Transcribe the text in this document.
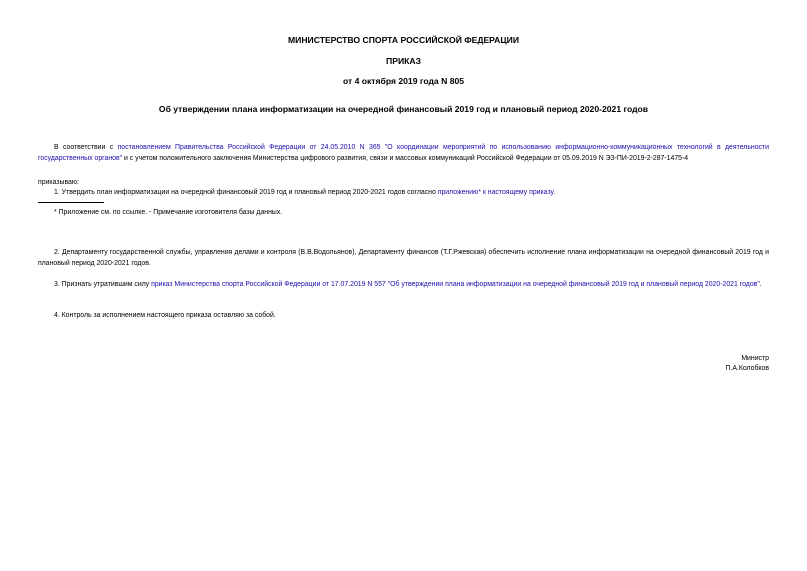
МИНИСТЕРСТВО СПОРТА РОССИЙСКОЙ ФЕДЕРАЦИИ
ПРИКАЗ
от 4 октября 2019 года N 805
Об утверждении плана информатизации на очередной финансовый 2019 год и плановый период 2020-2021 годов
В соответствии с постановлением Правительства Российской Федерации от 24.05.2010 N 365 "О координации мероприятий по использованию информационно-коммуникационных технологий в деятельности государственных органов" и с учетом положительного заключения Министерства цифрового развития, связи и массовых коммуникаций Российской Федерации от 05.09.2019 N ЭЗ-ПИ-2019-2-287-1475-4
приказываю:
1. Утвердить план информатизации на очередной финансовый 2019 год и плановый период 2020-2021 годов согласно приложению* к настоящему приказу.
* Приложение см. по ссылке. - Примечание изготовителя базы данных.
2. Департаменту государственной службы, управления делами и контроля (В.В.Водольянов), Департаменту финансов (Т.Г.Ржевская) обеспечить исполнение плана информатизации на очередной финансовый 2019 год и плановый период 2020-2021 годов.
3. Признать утратившим силу приказ Министерства спорта Российской Федерации от 17.07.2019 N 557 "Об утверждении плана информатизации на очередной финансовый 2019 год и плановый период 2020-2021 годов".
4. Контроль за исполнением настоящего приказа оставляю за собой.
Министр
П.А.Колобков
